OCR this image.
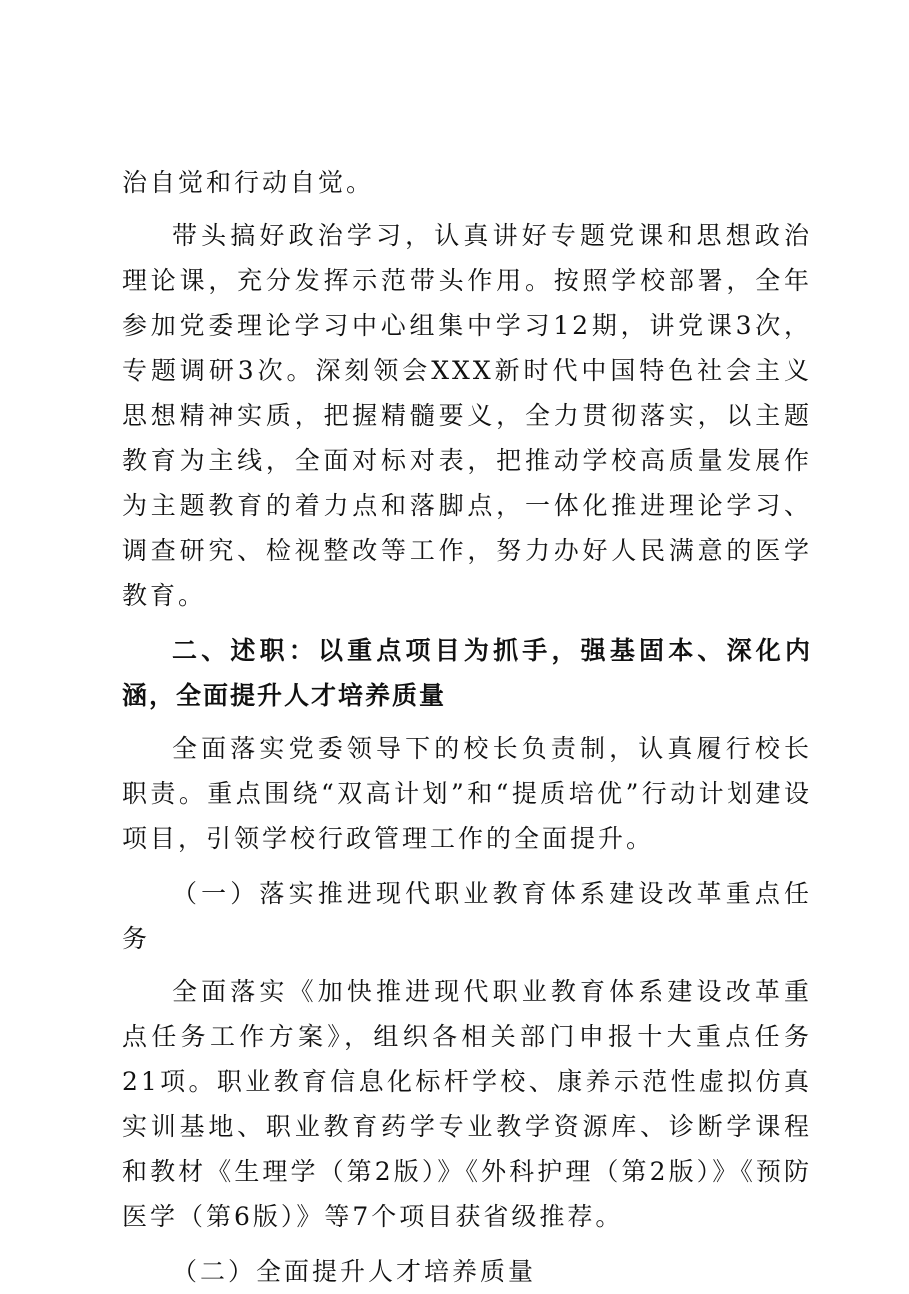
治自觉和行动自觉。

带头搞好政治学习，认真讲好专题党课和思想政治理论课，充分发挥示范带头作用。按照学校部署，全年参加党委理论学习中心组集中学习12期，讲党课3次，专题调研3次。深刻领会XXX新时代中国特色社会主义思想精神实质，把握精髓要义，全力贯彻落实，以主题教育为主线，全面对标对表，把推动学校高质量发展作为主题教育的着力点和落脚点，一体化推进理论学习、调查研究、检视整改等工作，努力办好人民满意的医学教育。

二、述职：以重点项目为抓手，强基固本、深化内涵，全面提升人才培养质量

全面落实党委领导下的校长负责制，认真履行校长职责。重点围绕“双高计划”和“提质培优”行动计划建设项目，引领学校行政管理工作的全面提升。

（一）落实推进现代职业教育体系建设改革重点任务

全面落实《加快推进现代职业教育体系建设改革重点任务工作方案》，组织各相关部门申报十大重点任务21项。职业教育信息化标杆学校、康养示范性虚拟仿真实训基地、职业教育药学专业教学资源库、诊断学课程和教材《生理学（第2版）》《外科护理（第2版）》《预防医学（第6版）》等7个项目获省级推荐。

（二）全面提升人才培养质量
